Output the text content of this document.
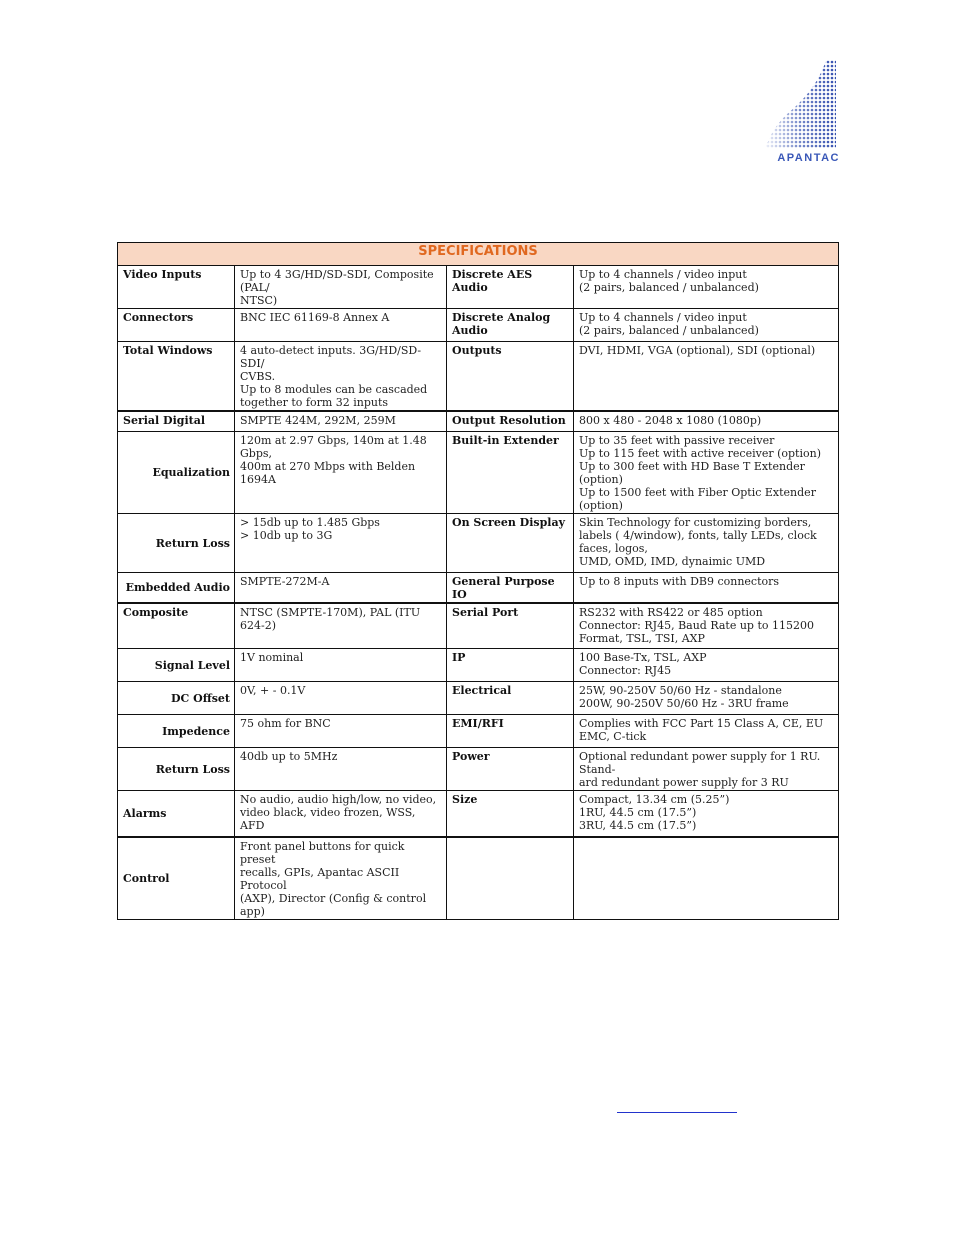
APANTAC
SPECIFICATIONS			
Video Inputs	Up to 4 3G/HD/SD-SDI, Composite (PAL/
NTSC)	Discrete AES Audio	Up to 4 channels / video input
(2 pairs, balanced / unbalanced)
Connectors	BNC IEC 61169-8 Annex A	Discrete Analog
Audio	Up to 4 channels / video input
(2 pairs, balanced / unbalanced)
Total Windows	4 auto-detect inputs. 3G/HD/SD-SDI/
CVBS.
Up to 8 modules can be cascaded
together to form 32 inputs	Outputs	DVI, HDMI, VGA (optional), SDI (optional)
Serial Digital	SMPTE 424M, 292M, 259M	Output Resolution	800 x 480 - 2048 x 1080 (1080p)
Equalization	120m at 2.97 Gbps, 140m at 1.48 Gbps,
400m at 270 Mbps with Belden 1694A	Built-in Extender	Up to 35 feet with passive receiver
Up to 115 feet with active receiver (option)
Up to 300 feet with HD Base T Extender (option)
Up to 1500 feet with Fiber Optic Extender (option)
Return Loss	> 15db up to 1.485 Gbps
> 10db up to 3G	On Screen Display	Skin Technology for customizing borders,
labels ( 4/window), fonts, tally LEDs, clock
faces, logos,
UMD, OMD, IMD, dynaimic UMD
Embedded Audio	SMPTE-272M-A	General Purpose IO	Up to 8 inputs with DB9 connectors
Composite	NTSC (SMPTE-170M), PAL (ITU 624-2)	Serial Port	RS232 with RS422 or 485 option
Connector: RJ45, Baud Rate up to 115200
Format, TSL, TSI, AXP
Signal Level	1V nominal	IP	100 Base-Tx, TSL, AXP
Connector: RJ45
DC Offset	0V, + - 0.1V	Electrical	25W, 90-250V 50/60 Hz - standalone
200W, 90-250V 50/60 Hz - 3RU frame
Impedence	75 ohm for BNC	EMI/RFI	Complies with FCC Part 15 Class A, CE, EU
EMC, C-tick
Return Loss	40db up to 5MHz	Power	Optional redundant power supply for 1 RU. Stand-
ard redundant power supply for 3 RU
Alarms	No audio, audio high/low, no video,
video black, video frozen, WSS, AFD	Size	Compact, 13.34 cm (5.25”)
1RU, 44.5 cm (17.5”)
3RU, 44.5 cm (17.5”)
Control	Front panel buttons for quick preset
recalls, GPIs, Apantac ASCII Protocol
(AXP), Director (Config & control app)		
